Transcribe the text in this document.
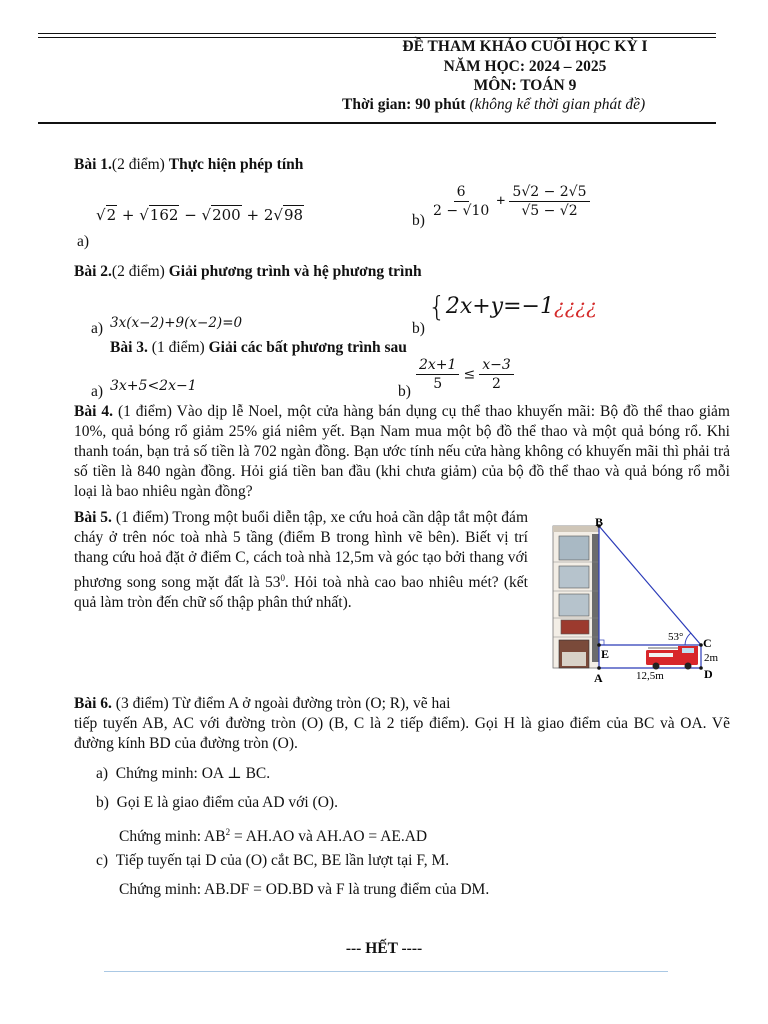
ĐỀ THAM KHẢO CUỐI HỌC KỲ I
NĂM HỌC: 2024 – 2025
MÔN: TOÁN 9
Thời gian: 90 phút (không kể thời gian phát đề)
Bài 1.(2 điểm) Thực hiện phép tính
√2 + √162 − √200 + 2√98
a)
b)
$\frac{6}{2 - √10} + \frac{5√2 - 2√5}{√5 - √2}$
Bài 2.(2 điểm) Giải phương trình và hệ phương trình
a) 3x(x−2)+9(x−2)=0	b)
{2x+y=−1¿¿¿¿
Bài 3. (1 điểm) Giải các bất phương trình sau
a) 3x+5<2x−1	$b) \frac{2x+1}{5} \le \frac{x-3}{2}$
Bài 4. (1 điểm) Vào dịp lễ Noel, một cửa hàng bán dụng cụ thể thao khuyến mãi: Bộ đồ thể thao giảm 10%, quả bóng rổ giảm 25% giá niêm yết. Bạn Nam mua một bộ đồ thể thao và một quả bóng rổ. Khi thanh toán, bạn trả số tiền là 702 ngàn đồng. Bạn ước tính nếu cửa hàng không có khuyến mãi thì phải trả số tiền là 840 ngàn đồng. Hỏi giá tiền ban đầu (khi chưa giảm) của bộ đồ thể thao và quả bóng rổ mỗi loại là bao nhiêu ngàn đồng?
Bài 5. (1 điểm) Trong một buổi diễn tập, xe cứu hoả cần dập tắt một đám cháy ở trên nóc toà nhà 5 tầng (điểm B trong hình vẽ bên). Biết vị trí thang cứu hoả đặt ở điểm C, cách toà nhà 12,5m và góc tạo bởi thang với phương song song mặt đất là $53^0$. Hỏi toà nhà cao bao nhiêu mét? (kết quả làm tròn đến chữ số thập phân thứ nhất).
B
C
E
A	D
53°
2m
12,5m
Bài 6. (3 điểm) Từ điểm A ở ngoài đường tròn (O; R), vẽ hai
tiếp tuyến AB, AC với đường tròn (O) (B, C là 2 tiếp điểm). Gọi H là giao điểm của BC và OA. Vẽ đường kính BD của đường tròn (O).
a) Chứng minh: OA ⊥ BC.
b) Gọi E là giao điểm của AD với (O).
Chứng minh: $AB^2 = AH.AO$ và AH.AO = AE.AD
c) Tiếp tuyến tại D của (O) cắt BC, BE lần lượt tại F, M.
Chứng minh: AB.DF = OD.BD và F là trung điểm của DM.
--- HẾT ----
